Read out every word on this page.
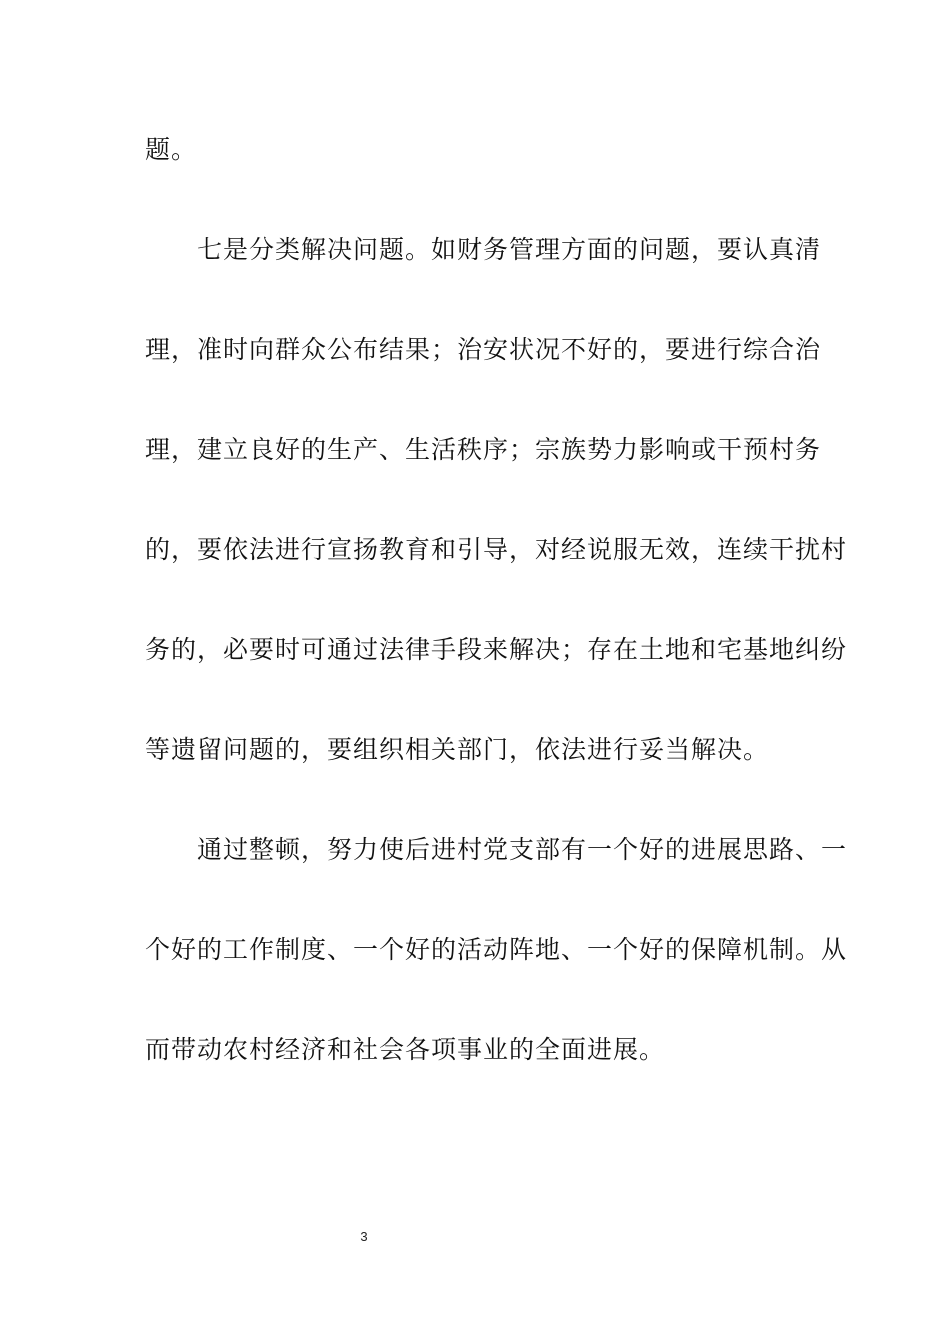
题。
七是分类解决问题。如财务管理方面的问题，要认真清
理，准时向群众公布结果；治安状况不好的，要进行综合治
理，建立良好的生产、生活秩序；宗族势力影响或干预村务
的，要依法进行宣扬教育和引导，对经说服无效，连续干扰村
务的，必要时可通过法律手段来解决；存在土地和宅基地纠纷
等遗留问题的，要组织相关部门，依法进行妥当解决。
通过整顿，努力使后进村党支部有一个好的进展思路、一
个好的工作制度、一个好的活动阵地、一个好的保障机制。从
而带动农村经济和社会各项事业的全面进展。
3
